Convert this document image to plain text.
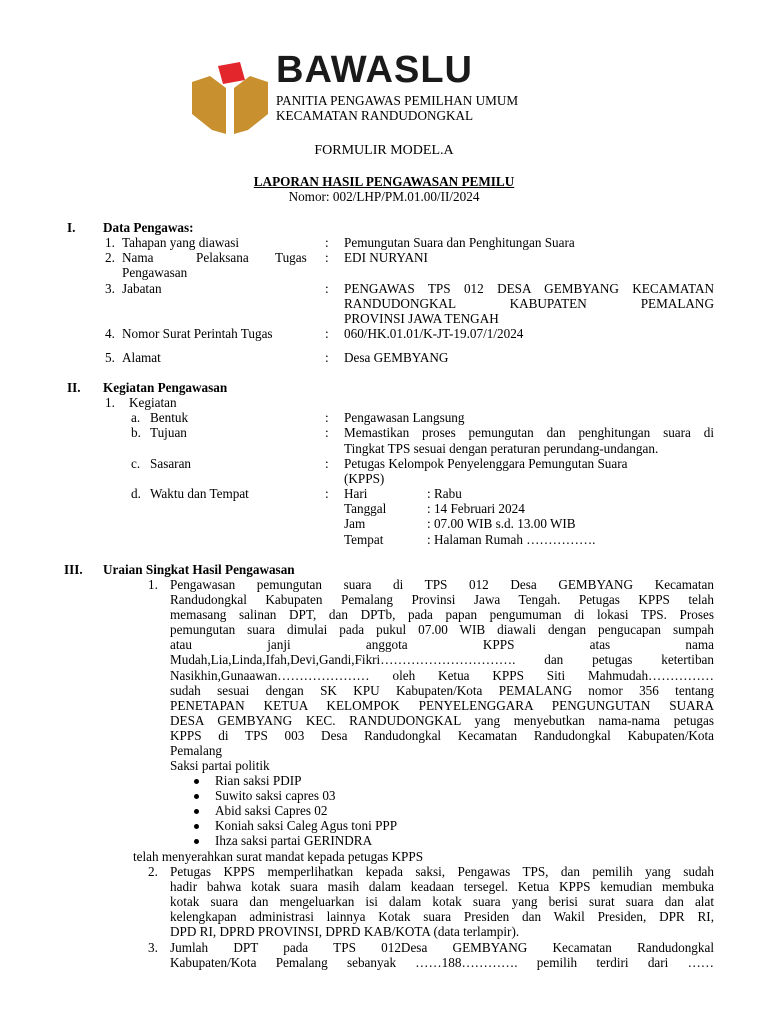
BAWASLU
PANITIA PENGAWAS PEMILHAN UMUM
KECAMATAN RANDUDONGKAL
FORMULIR MODEL.A
LAPORAN HASIL PENGAWASAN PEMILU
Nomor: 002/LHP/PM.01.00/II/2024
I. Data Pengawas:
1. Tahapan yang diawasi	: Pemungutan Suara dan Penghitungan Suara
2. Nama	Pelaksana Tugas : EDI NURYANI
Pengawasan
3. Jabatan	: PENGAWAS TPS 012 DESA GEMBYANG KECAMATAN
RANDUDONGKAL KABUPATEN PEMALANG
PROVINSI JAWA TENGAH
4. Nomor Surat Perintah Tugas	: 060/HK.01.01/K-JT-19.07/1/2024
5. Alamat	: Desa GEMBYANG
II. Kegiatan Pengawasan
1. Kegiatan
a. Bentuk	: Pengawasan Langsung
b. Tujuan	: Memastikan proses pemungutan dan penghitungan suara di
Tingkat TPS sesuai dengan peraturan perundang-undangan.
c. Sasaran	: Petugas Kelompok Penyelenggara Pemungutan Suara
(KPPS)
d. Waktu dan Tempat	: Hari	: Rabu
Tanggal	: 14 Februari 2024
Jam	: 07.00 WIB s.d. 13.00 WIB
Tempat	: Halaman Rumah …………….
III. Uraian Singkat Hasil Pengawasan
1. Pengawasan pemungutan suara di TPS 012 Desa GEMBYANG Kecamatan
Randudongkal Kabupaten Pemalang Provinsi Jawa Tengah. Petugas KPPS telah
memasang salinan DPT, dan DPTb, pada papan pengumuman di lokasi TPS. Proses
pemungutan suara dimulai pada pukul 07.00 WIB diawali dengan pengucapan sumpah
atau janji anggota KPPS atas nama
Mudah,Lia,Linda,Ifah,Devi,Gandi,Fikri…………………………. dan petugas ketertiban
Nasikhin,Gunaawan………………… oleh Ketua KPPS Siti Mahmudah……………
sudah sesuai dengan SK KPU Kabupaten/Kota PEMALANG nomor 356 tentang
PENETAPAN KETUA KELOMPOK PENYELENGGARA PENGUNGUTAN SUARA
DESA GEMBYANG KEC. RANDUDONGKAL yang menyebutkan nama-nama petugas
KPPS di TPS 003 Desa Randudongkal Kecamatan Randudongkal Kabupaten/Kota
Pemalang
Saksi partai politik
Rian saksi PDIP
Suwito saksi capres 03
Abid saksi Capres 02
Koniah saksi Caleg Agus toni PPP
Ihza saksi partai GERINDRA
telah menyerahkan surat mandat kepada petugas KPPS
2. Petugas KPPS memperlihatkan kepada saksi, Pengawas TPS, dan pemilih yang sudah
hadir bahwa kotak suara masih dalam keadaan tersegel. Ketua KPPS kemudian membuka
kotak suara dan mengeluarkan isi dalam kotak suara yang berisi surat suara dan alat
kelengkapan administrasi lainnya Kotak suara Presiden dan Wakil Presiden, DPR RI,
DPD RI, DPRD PROVINSI, DPRD KAB/KOTA (data terlampir).
3. Jumlah DPT pada TPS 012Desa GEMBYANG Kecamatan Randudongkal
Kabupaten/Kota Pemalang sebanyak ……188…………. pemilih terdiri dari ……
